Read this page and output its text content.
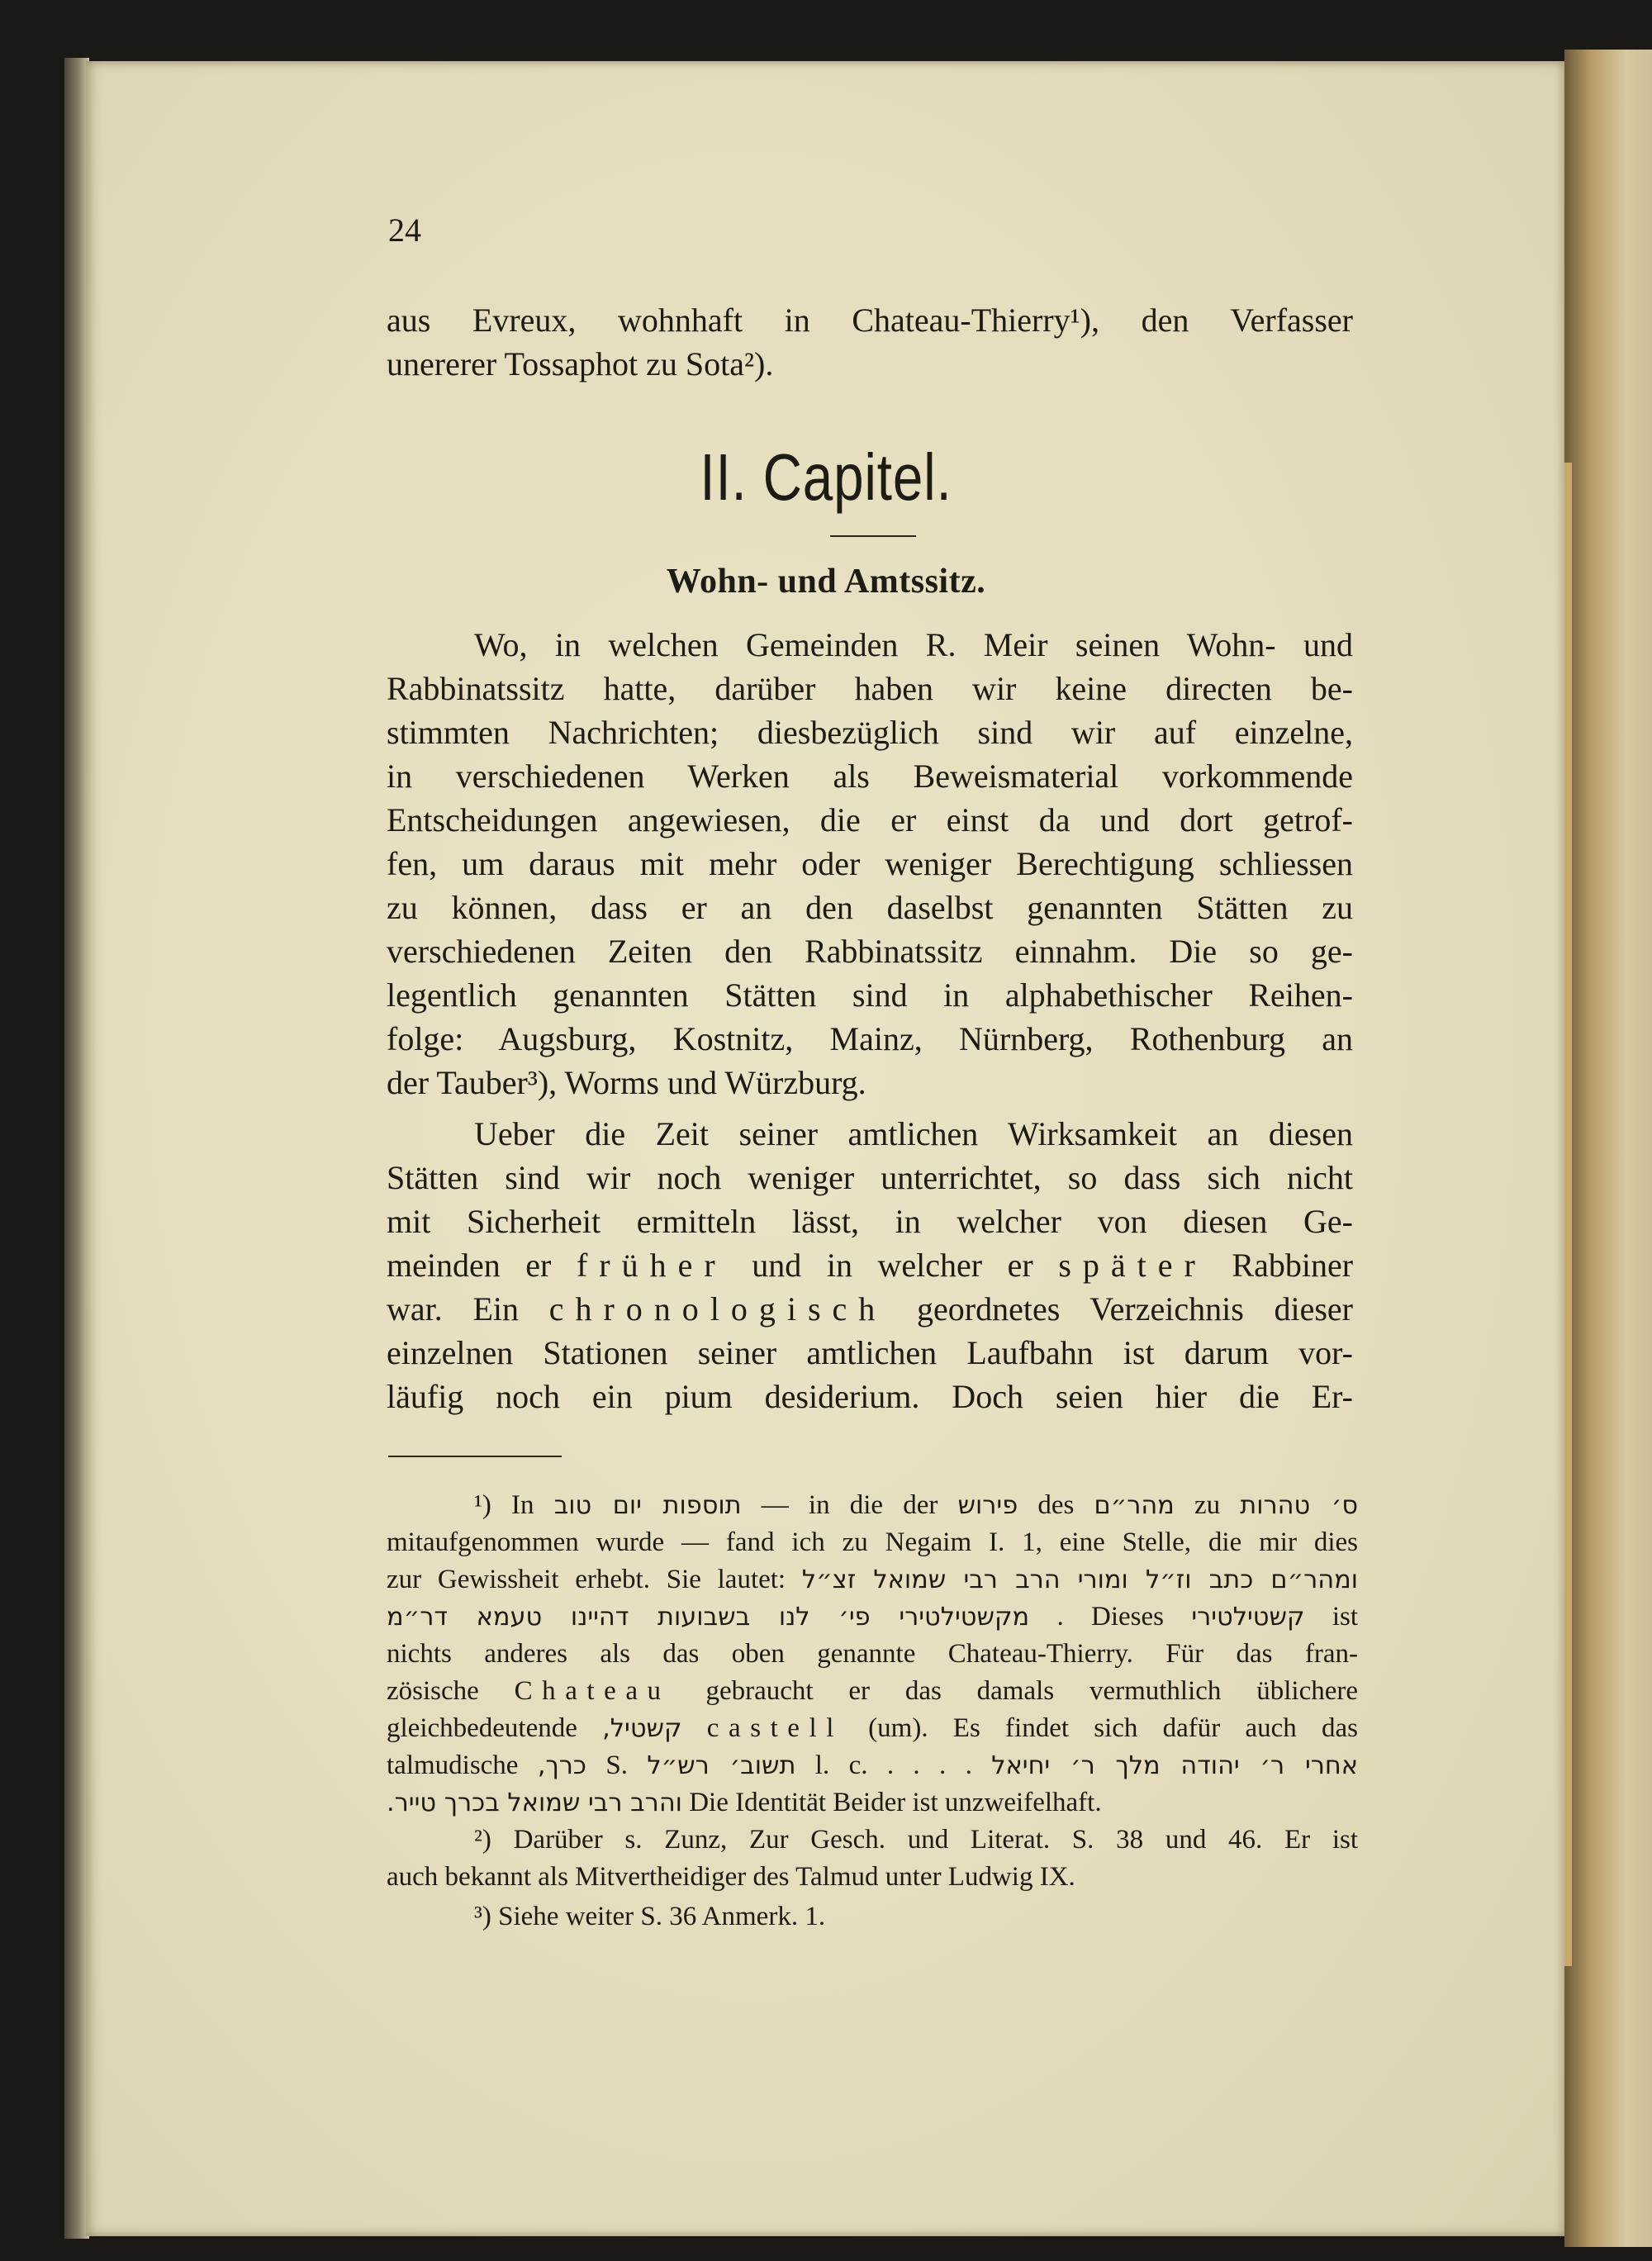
24
aus Evreux, wohnhaft in Chateau-Thierry¹), den Verfasser
unererer Tossaphot zu Sota²).
II. Capitel.
Wohn- und Amtssitz.
Wo, in welchen Gemeinden R. Meir seinen Wohn- und
Rabbinatssitz hatte, darüber haben wir keine directen be-
stimmten Nachrichten; diesbezüglich sind wir auf einzelne,
in verschiedenen Werken als Beweismaterial vorkommende
Entscheidungen angewiesen, die er einst da und dort getrof-
fen, um daraus mit mehr oder weniger Berechtigung schliessen
zu können, dass er an den daselbst genannten Stätten zu
verschiedenen Zeiten den Rabbinatssitz einnahm. Die so ge-
legentlich genannten Stätten sind in alphabethischer Reihen-
folge: Augsburg, Kostnitz, Mainz, Nürnberg, Rothenburg an
der Tauber³), Worms und Würzburg.
Ueber die Zeit seiner amtlichen Wirksamkeit an diesen
Stätten sind wir noch weniger unterrichtet, so dass sich nicht
mit Sicherheit ermitteln lässt, in welcher von diesen Ge-
meinden er früher und in welcher er später Rabbiner
war. Ein chronologisch geordnetes Verzeichnis dieser
einzelnen Stationen seiner amtlichen Laufbahn ist darum vor-
läufig noch ein pium desiderium. Doch seien hier die Er-
¹) In תוספות יום טוב — in die der פירוש des מהר״ם zu ס׳ טהרות
mitaufgenommen wurde — fand ich zu Negaim I. 1, eine Stelle, die mir dies
zur Gewissheit erhebt. Sie lautet: ומהר״ם כתב וז״ל ומורי הרב רבי שמואל זצ״ל
מקשטילטירי פי׳ לנו בשבועות דהיינו טעמא דר״מ . Dieses קשטילטירי ist
nichts anderes als das oben genannte Chateau-Thierry. Für das fran-
zösische Chateau gebraucht er das damals vermuthlich üblichere
gleichbedeutende קשטיל, castell (um). Es findet sich dafür auch das
talmudische כרך, S. תשוב׳ רש״ל l. c. . . . . אחרי ר׳ יהודה מלך ר׳ יחיאל
והרב רבי שמואל בכרך טייר. Die Identität Beider ist unzweifelhaft.
²) Darüber s. Zunz, Zur Gesch. und Literat. S. 38 und 46. Er ist
auch bekannt als Mitvertheidiger des Talmud unter Ludwig IX.
³) Siehe weiter S. 36 Anmerk. 1.
